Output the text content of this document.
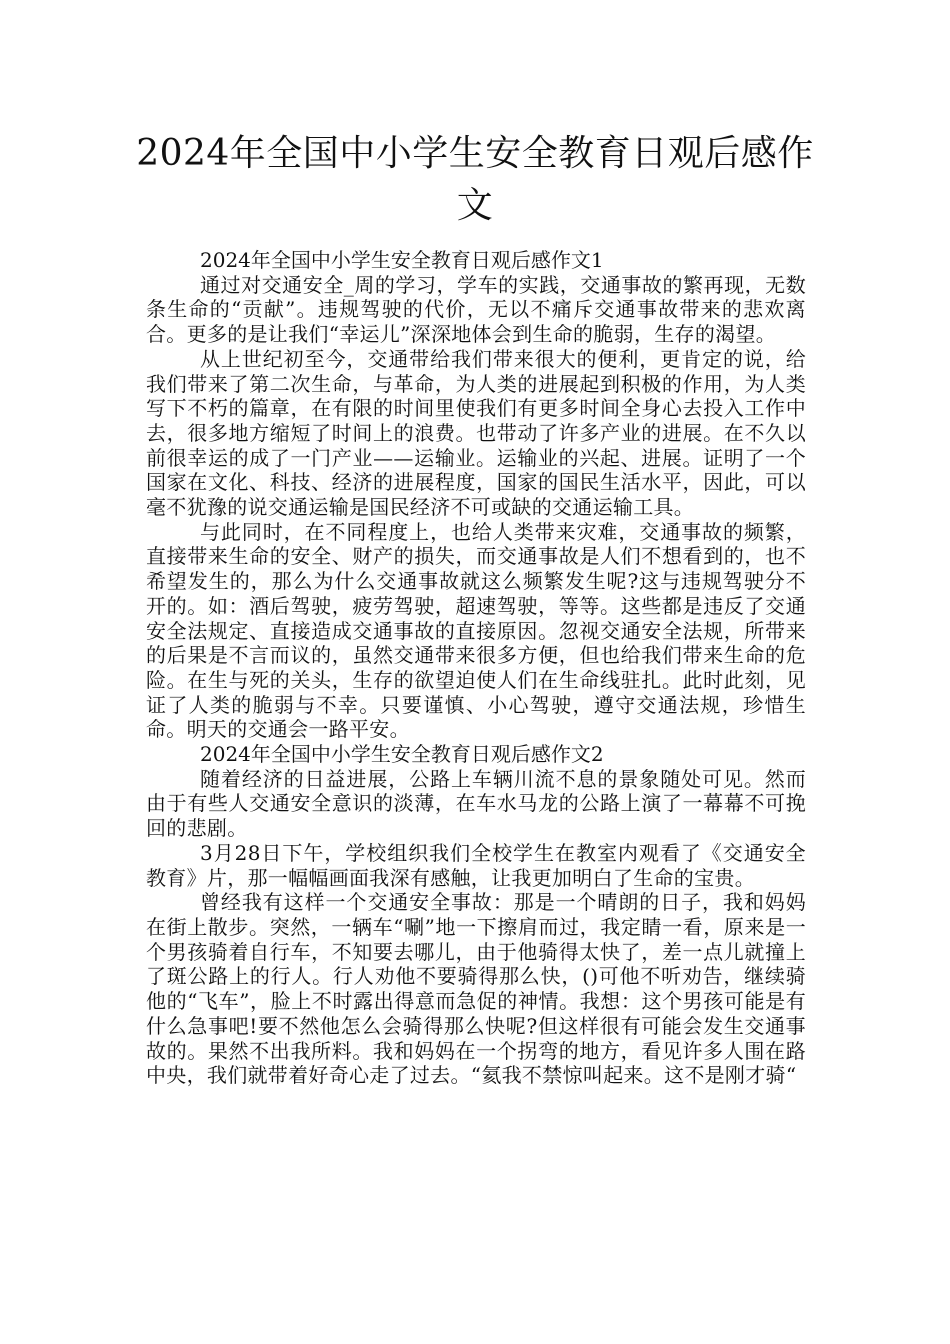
2024年全国中小学生安全教育日观后感作文

2024年全国中小学生安全教育日观后感作文1

通过对交通安全_周的学习，学车的实践，交通事故的繁再现，无数条生命的“贡献”。违规驾驶的代价，无以不痛斥交通事故带来的悲欢离合。更多的是让我们“幸运儿”深深地体会到生命的脆弱，生存的渴望。

从上世纪初至今，交通带给我们带来很大的便利，更肯定的说，给我们带来了第二次生命，与革命，为人类的进展起到积极的作用，为人类写下不朽的篇章，在有限的时间里使我们有更多时间全身心去投入工作中去，很多地方缩短了时间上的浪费。也带动了许多产业的进展。在不久以前很幸运的成了一门产业——运输业。运输业的兴起、进展。证明了一个国家在文化、科技、经济的进展程度，国家的国民生活水平，因此，可以毫不犹豫的说交通运输是国民经济不可或缺的交通运输工具。

与此同时，在不同程度上，也给人类带来灾难，交通事故的频繁，直接带来生命的安全、财产的损失，而交通事故是人们不想看到的，也不希望发生的，那么为什么交通事故就这么频繁发生呢?这与违规驾驶分不开的。如：酒后驾驶，疲劳驾驶，超速驾驶，等等。这些都是违反了交通安全法规定、直接造成交通事故的直接原因。忽视交通安全法规，所带来的后果是不言而议的，虽然交通带来很多方便，但也给我们带来生命的危险。在生与死的关头，生存的欲望迫使人们在生命线驻扎。此时此刻，见证了人类的脆弱与不幸。只要谨慎、小心驾驶，遵守交通法规，珍惜生命。明天的交通会一路平安。

2024年全国中小学生安全教育日观后感作文2

随着经济的日益进展，公路上车辆川流不息的景象随处可见。然而由于有些人交通安全意识的淡薄，在车水马龙的公路上演了一幕幕不可挽回的悲剧。

3月28日下午，学校组织我们全校学生在教室内观看了《交通安全教育》片，那一幅幅画面我深有感触，让我更加明白了生命的宝贵。

曾经我有这样一个交通安全事故：那是一个晴朗的日子，我和妈妈在街上散步。突然，一辆车“唰”地一下擦肩而过，我定睛一看，原来是一个男孩骑着自行车，不知要去哪儿，由于他骑得太快了，差一点儿就撞上了斑公路上的行人。行人劝他不要骑得那么快，()可他不听劝告，继续骑他的“飞车”，脸上不时露出得意而急促的神情。我想：这个男孩可能是有什么急事吧!要不然他怎么会骑得那么快呢?但这样很有可能会发生交通事故的。果然不出我所料。我和妈妈在一个拐弯的地方，看见许多人围在路中央，我们就带着好奇心走了过去。“氦我不禁惊叫起来。这不是刚才骑“
